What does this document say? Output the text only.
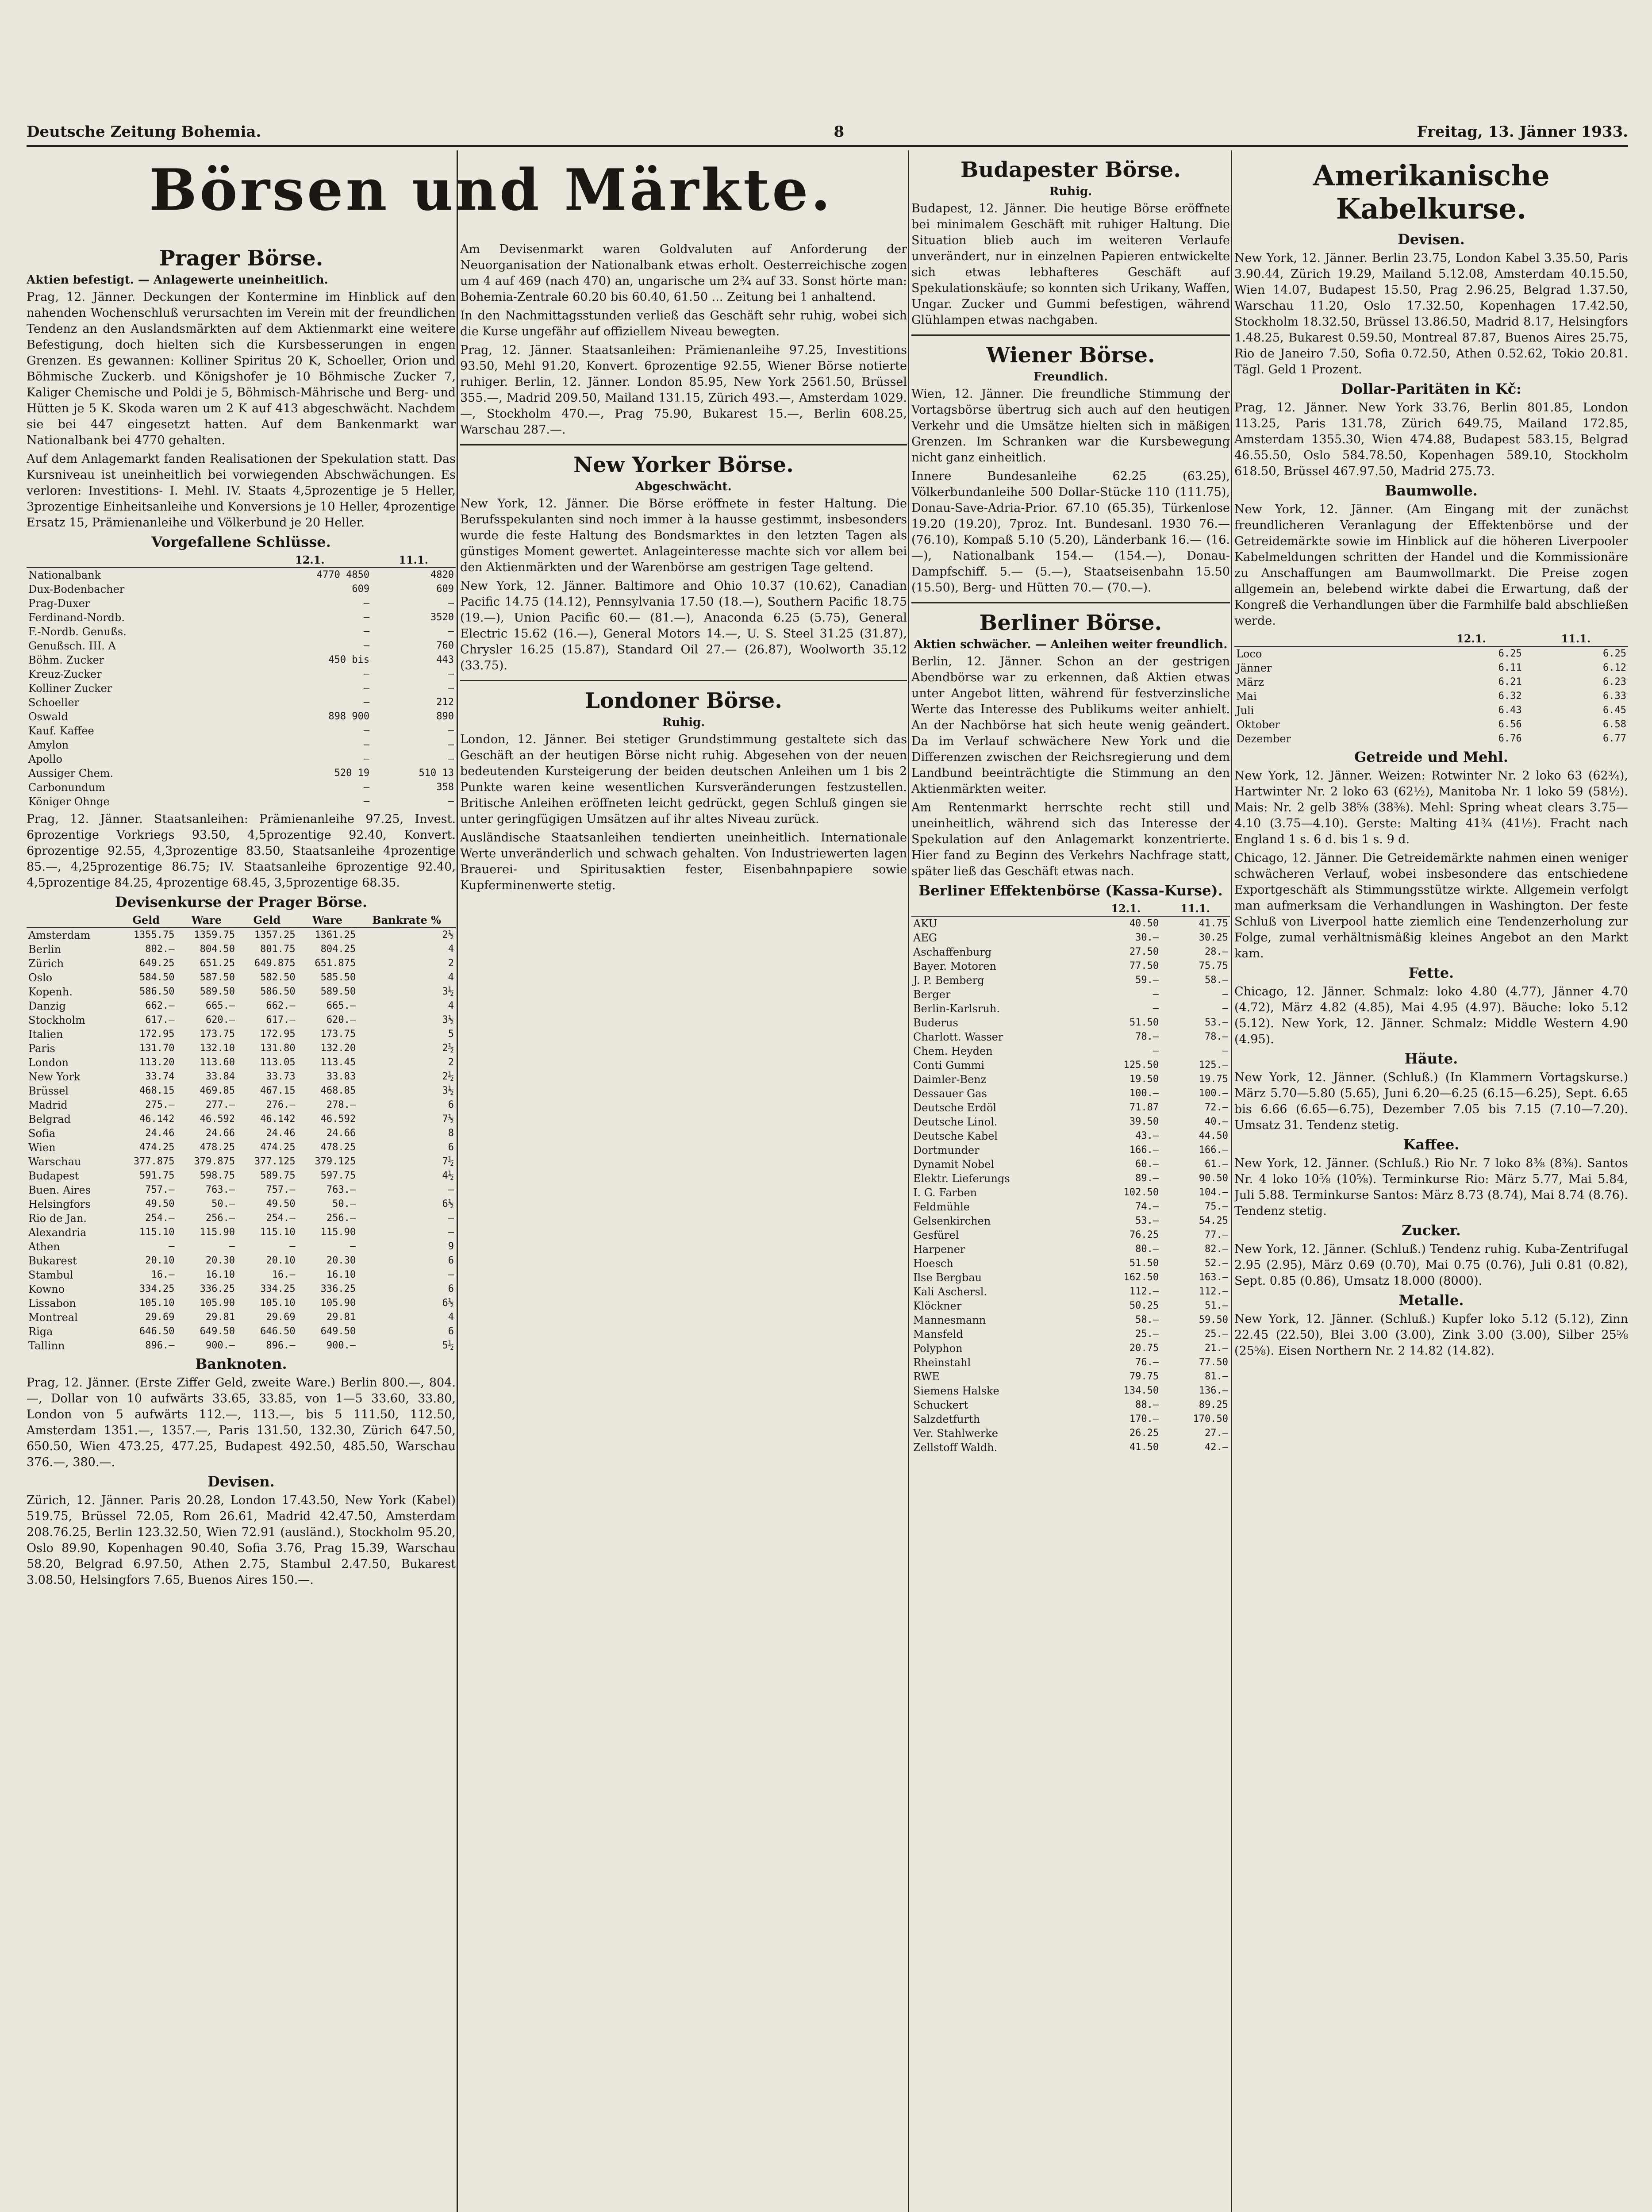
Deutsche Zeitung Bohemia.	8	Freitag, 13. Jänner 1933.
Börsen und Märkte.
Prager Börse.
Aktien befestigt. — Anlagewerte uneinheitlich.

Prag, 12. Jänner. Deckungen der Kontermine im Hinblick auf den nahenden Wochenschluß verursachten im Verein mit der freundlichen Tendenz an den Auslandsmärkten auf dem Aktienmarkt eine weitere Befestigung, doch hielten sich die Kursbesserungen in engen Grenzen. Es gewannen: Kolliner Spiritus 20 K, Schoeller, Orion und Böhmische Zuckerb. und Königshofer je 10 Böhmische Zucker 7, Kaliger Chemische und Poldi je 5, Böhmisch-Mährische und Berg- und Hütten je 5 K. Skoda waren um 2 K auf 413 abgeschwächt. Nachdem sie bei 447 eingesetzt hatten. Auf dem Bankenmarkt war Nationalbank bei 4770 gehalten.

Auf dem Anlagemarkt fanden Realisationen der Spekulation statt. Das Kursniveau ist uneinheitlich bei vorwiegenden Abschwächungen. Es verloren: Investitions- I. Mehl. IV. Staats 4,5prozentige je 5 Heller, 3prozentige Einheitsanleihe und Konversions je 10 Heller, 4prozentige Ersatz 15, Prämienanleihe und Völkerbund je 20 Heller.

Vorgefallene Schlüsse.
	12.1.	11.1.
Nationalbank	4770 4850	4820
Dux-Bodenbacher	609	609
Prag-Duxer	—	—
Ferdinand-Nordb.	—	3520
F.-Nordb. Genußs.	—	—
Genußsch. III. A	—	760
Böhm. Zucker	450 bis	443
Kreuz-Zucker	—	—
Kolliner Zucker	—	—
Schoeller	—	212
Oswald	898 900	890
Kauf. Kaffee	—	—
Amylon	—	—
Apollo	—	—
Aussiger Chem.	520 19	510 13
Carbonundum	—	358
Königer Ohnge	—	—

Prag, 12. Jänner. Staatsanleihen: Prämienanleihe 97.25, Invest. 6prozentige Vorkriegs 93.50, 4,5prozentige 92.40, Konvert. 6prozentige 92.55, 4,3prozentige 83.50, Staatsanleihe 4prozentige 85.—, 4,25prozentige 86.75; IV. Staatsanleihe 6prozentige 92.40, 4,5prozentige 84.25, 4prozentige 68.45, 3,5prozentige 68.35.

Devisenkurse der Prager Börse.
	Geld	Ware	Geld	Ware	Bankrate %
Amsterdam	1355.75	1359.75	1357.25	1361.25	2½
Berlin	802.—	804.50	801.75	804.25	4
Zürich	649.25	651.25	649.875	651.875	2
Oslo	584.50	587.50	582.50	585.50	4
Kopenh.	586.50	589.50	586.50	589.50	3½
Danzig	662.—	665.—	662.—	665.—	4
Stockholm	617.—	620.—	617.—	620.—	3½
Italien	172.95	173.75	172.95	173.75	5
Paris	131.70	132.10	131.80	132.20	2½
London	113.20	113.60	113.05	113.45	2
New York	33.74	33.84	33.73	33.83	2½
Brüssel	468.15	469.85	467.15	468.85	3½
Madrid	275.—	277.—	276.—	278.—	6
Belgrad	46.142	46.592	46.142	46.592	7½
Sofia	24.46	24.66	24.46	24.66	8
Wien	474.25	478.25	474.25	478.25	6
Warschau	377.875	379.875	377.125	379.125	7½
Budapest	591.75	598.75	589.75	597.75	4½
Buen. Aires	757.—	763.—	757.—	763.—	—
Helsingfors	49.50	50.—	49.50	50.—	6½
Rio de Jan.	254.—	256.—	254.—	256.—	—
Alexandria	115.10	115.90	115.10	115.90	—
Athen	—	—	—	—	9
Bukarest	20.10	20.30	20.10	20.30	6
Stambul	16.—	16.10	16.—	16.10	—
Kowno	334.25	336.25	334.25	336.25	6
Lissabon	105.10	105.90	105.10	105.90	6½
Montreal	29.69	29.81	29.69	29.81	4
Riga	646.50	649.50	646.50	649.50	6
Tallinn	896.—	900.—	896.—	900.—	5½
Banknoten.

Prag, 12. Jänner. (Erste Ziffer Geld, zweite Ware.) Berlin 800.—, 804.—, Dollar von 10 aufwärts 33.65, 33.85, von 1—5 33.60, 33.80, London von 5 aufwärts 112.—, 113.—, bis 5 111.50, 112.50, Amsterdam 1351.—, 1357.—, Paris 131.50, 132.30, Zürich 647.50, 650.50, Wien 473.25, 477.25, Budapest 492.50, 485.50, Warschau 376.—, 380.—.

Devisen.

Zürich, 12. Jänner. Paris 20.28, London 17.43.50, New York (Kabel) 519.75, Brüssel 72.05, Rom 26.61, Madrid 42.47.50, Amsterdam 208.76.25, Berlin 123.32.50, Wien 72.91 (ausländ.), Stockholm 95.20, Oslo 89.90, Kopenhagen 90.40, Sofia 3.76, Prag 15.39, Warschau 58.20, Belgrad 6.97.50, Athen 2.75, Stambul 2.47.50, Bukarest 3.08.50, Helsingfors 7.65, Buenos Aires 150.—.

Am Devisenmarkt waren Goldvaluten auf Anforderung der Neuorganisation der Nationalbank etwas erholt. Oesterreichische zogen um 4 auf 469 (nach 470) an, ungarische um 2¾ auf 33. Sonst hörte man: Bohemia-Zentrale 60.20 bis 60.40, 61.50 ... Zeitung bei 1 anhaltend.

In den Nachmittagsstunden verließ das Geschäft sehr ruhig, wobei sich die Kurse ungefähr auf offiziellem Niveau bewegten.

Prag, 12. Jänner. Staatsanleihen: Prämienanleihe 97.25, Investitions 93.50, Mehl 91.20, Konvert. 6prozentige 92.55, Wiener Börse notierte ruhiger. Berlin, 12. Jänner. London 85.95, New York 2561.50, Brüssel 355.—, Madrid 209.50, Mailand 131.15, Zürich 493.—, Amsterdam 1029.—, Stockholm 470.—, Prag 75.90, Bukarest 15.—, Berlin 608.25, Warschau 287.—.

New Yorker Börse.
Abgeschwächt.

New York, 12. Jänner. Die Börse eröffnete in fester Haltung. Die Berufsspekulanten sind noch immer à la hausse gestimmt, insbesonders wurde die feste Haltung des Bondsmarktes in den letzten Tagen als günstiges Moment gewertet. Anlageinteresse machte sich vor allem bei den Aktienmärkten und der Warenbörse am gestrigen Tage geltend.

New York, 12. Jänner. Baltimore and Ohio 10.37 (10.62), Canadian Pacific 14.75 (14.12), Pennsylvania 17.50 (18.—), Southern Pacific 18.75 (19.—), Union Pacific 60.— (81.—), Anaconda 6.25 (5.75), General Electric 15.62 (16.—), General Motors 14.—, U. S. Steel 31.25 (31.87), Chrysler 16.25 (15.87), Standard Oil 27.— (26.87), Woolworth 35.12 (33.75).

Londoner Börse.
Ruhig.

London, 12. Jänner. Bei stetiger Grundstimmung gestaltete sich das Geschäft an der heutigen Börse nicht ruhig. Abgesehen von der neuen bedeutenden Kursteigerung der beiden deutschen Anleihen um 1 bis 2 Punkte waren keine wesentlichen Kursveränderungen festzustellen. Britische Anleihen eröffneten leicht gedrückt, gegen Schluß gingen sie unter geringfügigen Umsätzen auf ihr altes Niveau zurück.

Ausländische Staatsanleihen tendierten uneinheitlich. Internationale Werte unveränderlich und schwach gehalten. Von Industriewerten lagen Brauerei- und Spiritusaktien fester, Eisenbahnpapiere sowie Kupferminenwerte stetig.

Budapester Börse.
Ruhig.

Budapest, 12. Jänner. Die heutige Börse eröffnete bei minimalem Geschäft mit ruhiger Haltung. Die Situation blieb auch im weiteren Verlaufe unverändert, nur in einzelnen Papieren entwickelte sich etwas lebhafteres Geschäft auf Spekulationskäufe; so konnten sich Urikany, Waffen, Ungar. Zucker und Gummi befestigen, während Glühlampen etwas nachgaben.

Wiener Börse.
Freundlich.

Wien, 12. Jänner. Die freundliche Stimmung der Vortagsbörse übertrug sich auch auf den heutigen Verkehr und die Umsätze hielten sich in mäßigen Grenzen. Im Schranken war die Kursbewegung nicht ganz einheitlich.

Innere Bundesanleihe 62.25 (63.25), Völkerbundanleihe 500 Dollar-Stücke 110 (111.75), Donau-Save-Adria-Prior. 67.10 (65.35), Türkenlose 19.20 (19.20), 7proz. Int. Bundesanl. 1930 76.— (76.10), Kompaß 5.10 (5.20), Länderbank 16.— (16.—), Nationalbank 154.— (154.—), Donau-Dampfschiff. 5.— (5.—), Staatseisenbahn 15.50 (15.50), Berg- und Hütten 70.— (70.—).

Berliner Börse.
Aktien schwächer. — Anleihen weiter freundlich.

Berlin, 12. Jänner. Schon an der gestrigen Abendbörse war zu erkennen, daß Aktien etwas unter Angebot litten, während für festverzinsliche Werte das Interesse des Publikums weiter anhielt. An der Nachbörse hat sich heute wenig geändert. Da im Verlauf schwächere New York und die Differenzen zwischen der Reichsregierung und dem Landbund beeinträchtigte die Stimmung an den Aktienmärkten weiter.

Am Rentenmarkt herrschte recht still und uneinheitlich, während sich das Interesse der Spekulation auf den Anlagemarkt konzentrierte. Hier fand zu Beginn des Verkehrs Nachfrage statt, später ließ das Geschäft etwas nach.

Berliner Effektenbörse (Kassa-Kurse).
	12.1.	11.1.
AKU	40.50	41.75
AEG	30.—	30.25
Aschaffenburg	27.50	28.—
Bayer. Motoren	77.50	75.75
J. P. Bemberg	59.—	58.—
Berger	—	—
Berlin-Karlsruh.	—	—
Buderus	51.50	53.—
Charlott. Wasser	78.—	78.—
Chem. Heyden	—	—
Conti Gummi	125.50	125.—
Daimler-Benz	19.50	19.75
Dessauer Gas	100.—	100.—
Deutsche Erdöl	71.87	72.—
Deutsche Linol.	39.50	40.—
Deutsche Kabel	43.—	44.50
Dortmunder	166.—	166.—
Dynamit Nobel	60.—	61.—
Elektr. Lieferungs	89.—	90.50
I. G. Farben	102.50	104.—
Feldmühle	74.—	75.—
Gelsenkirchen	53.—	54.25
Gesfürel	76.25	77.—
Harpener	80.—	82.—
Hoesch	51.50	52.—
Ilse Bergbau	162.50	163.—
Kali Aschersl.	112.—	112.—
Klöckner	50.25	51.—
Mannesmann	58.—	59.50
Mansfeld	25.—	25.—
Polyphon	20.75	21.—
Rheinstahl	76.—	77.50
RWE	79.75	81.—
Siemens Halske	134.50	136.—
Schuckert	88.—	89.25
Salzdetfurth	170.—	170.50
Ver. Stahlwerke	26.25	27.—
Zellstoff Waldh.	41.50	42.—
Amerikanische Kabelkurse.
Devisen.

New York, 12. Jänner. Berlin 23.75, London Kabel 3.35.50, Paris 3.90.44, Zürich 19.29, Mailand 5.12.08, Amsterdam 40.15.50, Wien 14.07, Budapest 15.50, Prag 2.96.25, Belgrad 1.37.50, Warschau 11.20, Oslo 17.32.50, Kopenhagen 17.42.50, Stockholm 18.32.50, Brüssel 13.86.50, Madrid 8.17, Helsingfors 1.48.25, Bukarest 0.59.50, Montreal 87.87, Buenos Aires 25.75, Rio de Janeiro 7.50, Sofia 0.72.50, Athen 0.52.62, Tokio 20.81. Tägl. Geld 1 Prozent.

Dollar-Paritäten in Kč:

Prag, 12. Jänner. New York 33.76, Berlin 801.85, London 113.25, Paris 131.78, Zürich 649.75, Mailand 172.85, Amsterdam 1355.30, Wien 474.88, Budapest 583.15, Belgrad 46.55.50, Oslo 584.78.50, Kopenhagen 589.10, Stockholm 618.50, Brüssel 467.97.50, Madrid 275.73.

Baumwolle.

New York, 12. Jänner. (Am Eingang mit der zunächst freundlicheren Veranlagung der Effektenbörse und der Getreidemärkte sowie im Hinblick auf die höheren Liverpooler Kabelmeldungen schritten der Handel und die Kommissionäre zu Anschaffungen am Baumwollmarkt. Die Preise zogen allgemein an, belebend wirkte dabei die Erwartung, daß der Kongreß die Verhandlungen über die Farmhilfe bald abschließen werde.

	12.1.	11.1.
Loco	6.25	6.25
Jänner	6.11	6.12
März	6.21	6.23
Mai	6.32	6.33
Juli	6.43	6.45
Oktober	6.56	6.58
Dezember	6.76	6.77
Getreide und Mehl.

New York, 12. Jänner. Weizen: Rotwinter Nr. 2 loko 63 (62¾), Hartwinter Nr. 2 loko 63 (62½), Manitoba Nr. 1 loko 59 (58½). Mais: Nr. 2 gelb 38⅝ (38⅜). Mehl: Spring wheat clears 3.75—4.10 (3.75—4.10). Gerste: Malting 41¾ (41½). Fracht nach England 1 s. 6 d. bis 1 s. 9 d.

Chicago, 12. Jänner. Die Getreidemärkte nahmen einen weniger schwächeren Verlauf, wobei insbesondere das entschiedene Exportgeschäft als Stimmungsstütze wirkte. Allgemein verfolgt man aufmerksam die Verhandlungen in Washington. Der feste Schluß von Liverpool hatte ziemlich eine Tendenzerholung zur Folge, zumal verhältnismäßig kleines Angebot an den Markt kam.

Fette.

Chicago, 12. Jänner. Schmalz: loko 4.80 (4.77), Jänner 4.70 (4.72), März 4.82 (4.85), Mai 4.95 (4.97). Bäuche: loko 5.12 (5.12). New York, 12. Jänner. Schmalz: Middle Western 4.90 (4.95).

Häute.

New York, 12. Jänner. (Schluß.) (In Klammern Vortagskurse.) März 5.70—5.80 (5.65), Juni 6.20—6.25 (6.15—6.25), Sept. 6.65 bis 6.66 (6.65—6.75), Dezember 7.05 bis 7.15 (7.10—7.20). Umsatz 31. Tendenz stetig.

Kaffee.

New York, 12. Jänner. (Schluß.) Rio Nr. 7 loko 8⅜ (8⅜). Santos Nr. 4 loko 10⅝ (10⅝). Terminkurse Rio: März 5.77, Mai 5.84, Juli 5.88. Terminkurse Santos: März 8.73 (8.74), Mai 8.74 (8.76). Tendenz stetig.

Zucker.

New York, 12. Jänner. (Schluß.) Tendenz ruhig. Kuba-Zentrifugal 2.95 (2.95), März 0.69 (0.70), Mai 0.75 (0.76), Juli 0.81 (0.82), Sept. 0.85 (0.86), Umsatz 18.000 (8000).

Metalle.

New York, 12. Jänner. (Schluß.) Kupfer loko 5.12 (5.12), Zinn 22.45 (22.50), Blei 3.00 (3.00), Zink 3.00 (3.00), Silber 25⅝ (25⅝). Eisen Northern Nr. 2 14.82 (14.82).
